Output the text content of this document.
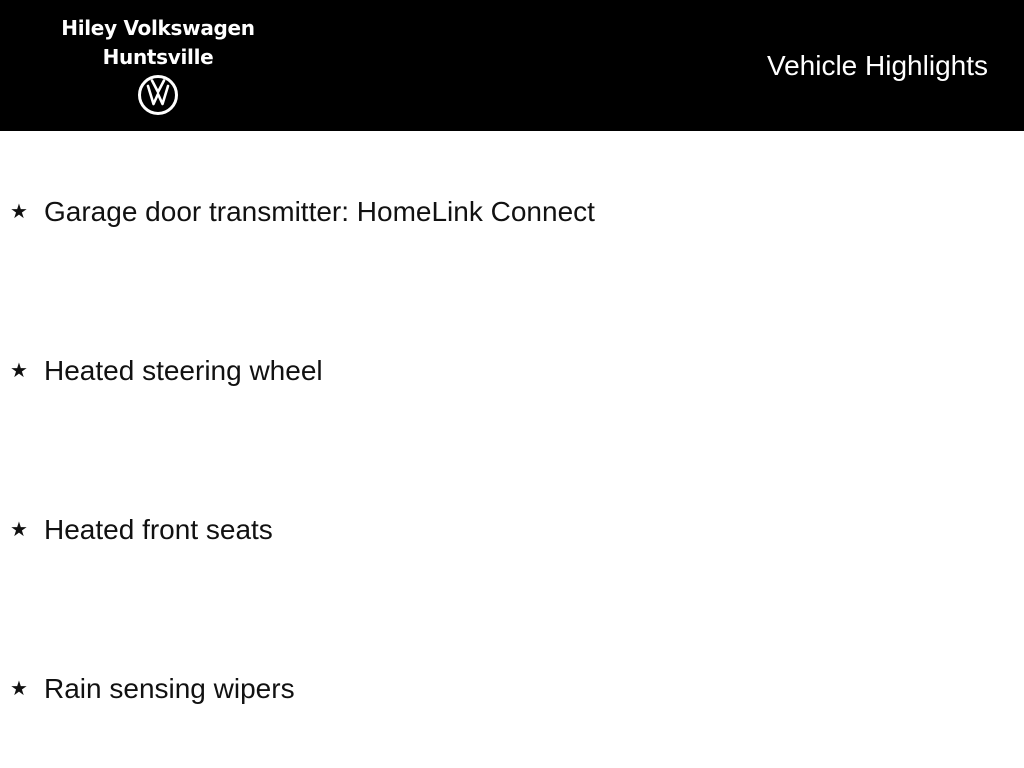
Hiley Volkswagen
Huntsville	Vehicle Highlights
★ Garage door transmitter: HomeLink Connect
★ Heated steering wheel
★ Heated front seats
★ Rain sensing wipers
